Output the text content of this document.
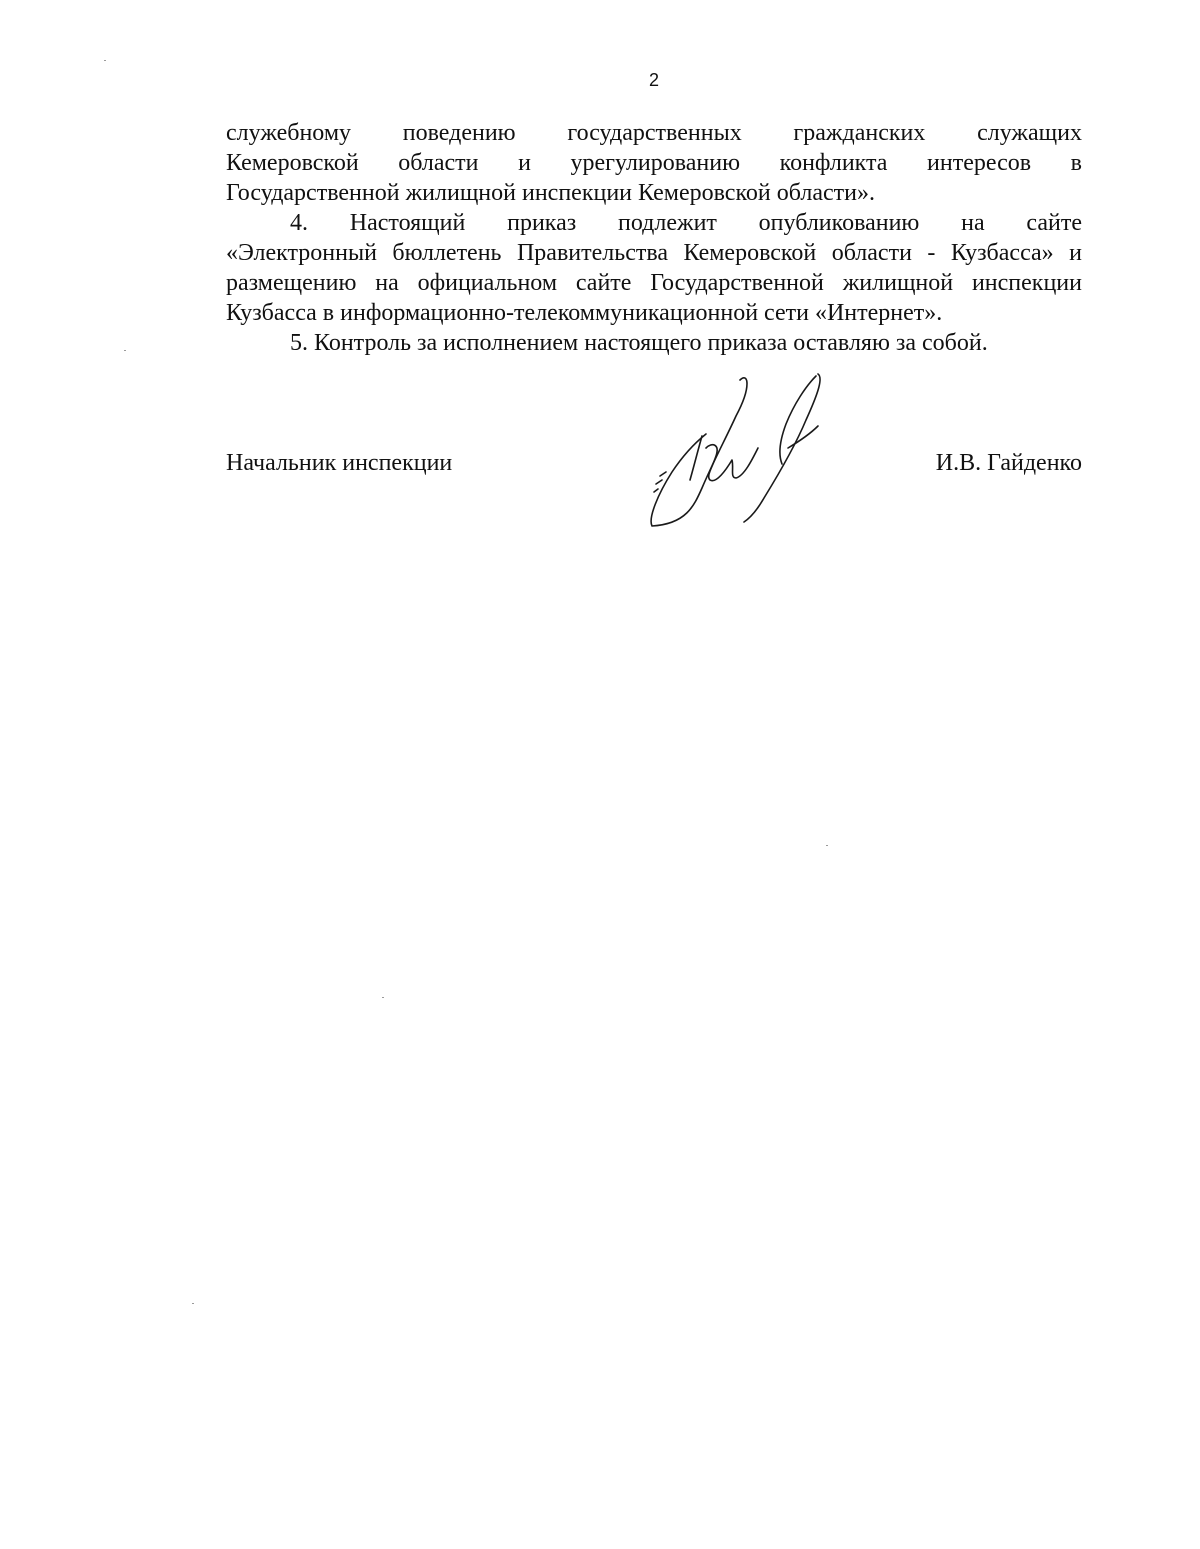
2
служебному поведению государственных гражданских служащих
Кемеровской области и урегулированию конфликта интересов в
Государственной жилищной инспекции Кемеровской области».
4. Настоящий приказ подлежит опубликованию на сайте
«Электронный бюллетень Правительства Кемеровской области - Кузбасса» и
размещению на официальном сайте Государственной жилищной инспекции
Кузбасса в информационно-телекоммуникационной сети «Интернет».
5. Контроль за исполнением настоящего приказа оставляю за собой.
Начальник инспекции	И.В. Гайденко
